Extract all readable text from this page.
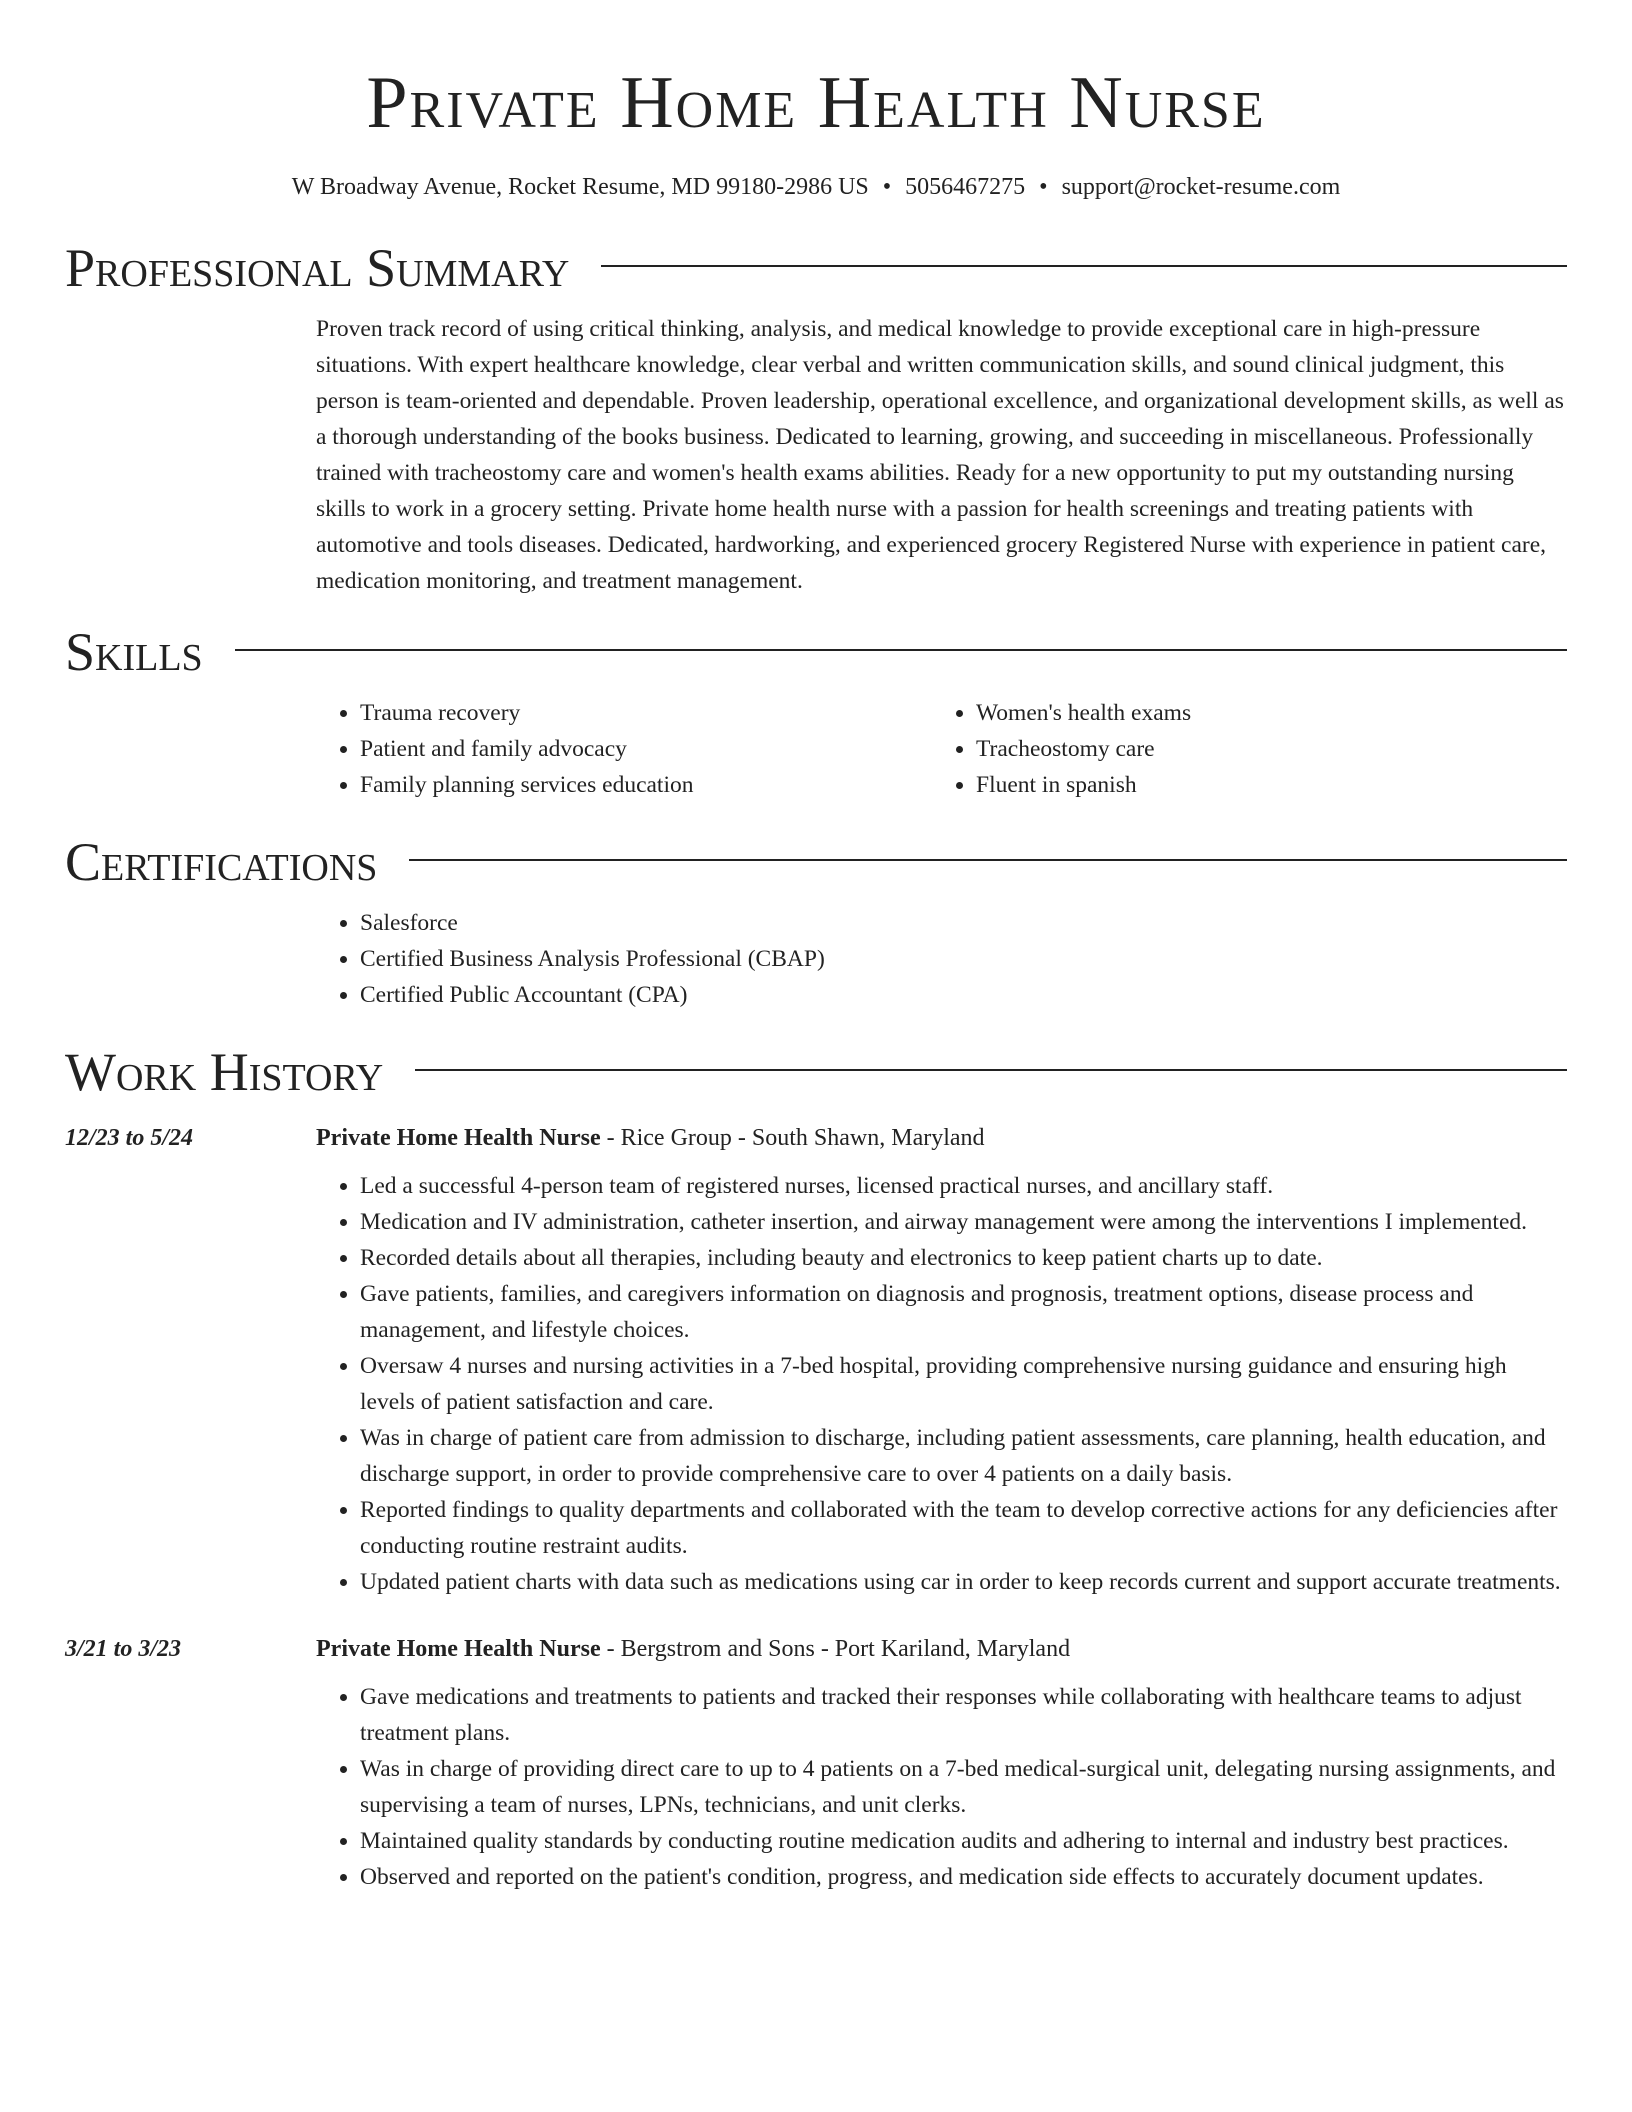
Private Home Health Nurse
W Broadway Avenue, Rocket Resume, MD 99180-2986 US • 5056467275 • support@rocket-resume.com
Professional Summary

Proven track record of using critical thinking, analysis, and medical knowledge to provide exceptional care in high-pressure situations. With expert healthcare knowledge, clear verbal and written communication skills, and sound clinical judgment, this person is team-oriented and dependable. Proven leadership, operational excellence, and organizational development skills, as well as a thorough understanding of the books business. Dedicated to learning, growing, and succeeding in miscellaneous. Professionally trained with tracheostomy care and women's health exams abilities. Ready for a new opportunity to put my outstanding nursing skills to work in a grocery setting. Private home health nurse with a passion for health screenings and treating patients with automotive and tools diseases. Dedicated, hardworking, and experienced grocery Registered Nurse with experience in patient care, medication monitoring, and treatment management.

Skills
• Trauma recovery
• Patient and family advocacy
• Family planning services education
• Women's health exams
• Tracheostomy care
• Fluent in spanish
Certifications
• Salesforce
• Certified Business Analysis Professional (CBAP)
• Certified Public Accountant (CPA)
Work History
12/23 to 5/24	Private Home Health Nurse - Rice Group - South Shawn, Maryland
• Led a successful 4-person team of registered nurses, licensed practical nurses, and ancillary staff.
• Medication and IV administration, catheter insertion, and airway management were among the interventions I implemented.
• Recorded details about all therapies, including beauty and electronics to keep patient charts up to date.
• Gave patients, families, and caregivers information on diagnosis and prognosis, treatment options, disease process and management, and lifestyle choices.
• Oversaw 4 nurses and nursing activities in a 7-bed hospital, providing comprehensive nursing guidance and ensuring high levels of patient satisfaction and care.
• Was in charge of patient care from admission to discharge, including patient assessments, care planning, health education, and discharge support, in order to provide comprehensive care to over 4 patients on a daily basis.
• Reported findings to quality departments and collaborated with the team to develop corrective actions for any deficiencies after conducting routine restraint audits.
• Updated patient charts with data such as medications using car in order to keep records current and support accurate treatments.
3/21 to 3/23	Private Home Health Nurse - Bergstrom and Sons - Port Kariland, Maryland
• Gave medications and treatments to patients and tracked their responses while collaborating with healthcare teams to adjust treatment plans.
• Was in charge of providing direct care to up to 4 patients on a 7-bed medical-surgical unit, delegating nursing assignments, and supervising a team of nurses, LPNs, technicians, and unit clerks.
• Maintained quality standards by conducting routine medication audits and adhering to internal and industry best practices.
• Observed and reported on the patient's condition, progress, and medication side effects to accurately document updates.
